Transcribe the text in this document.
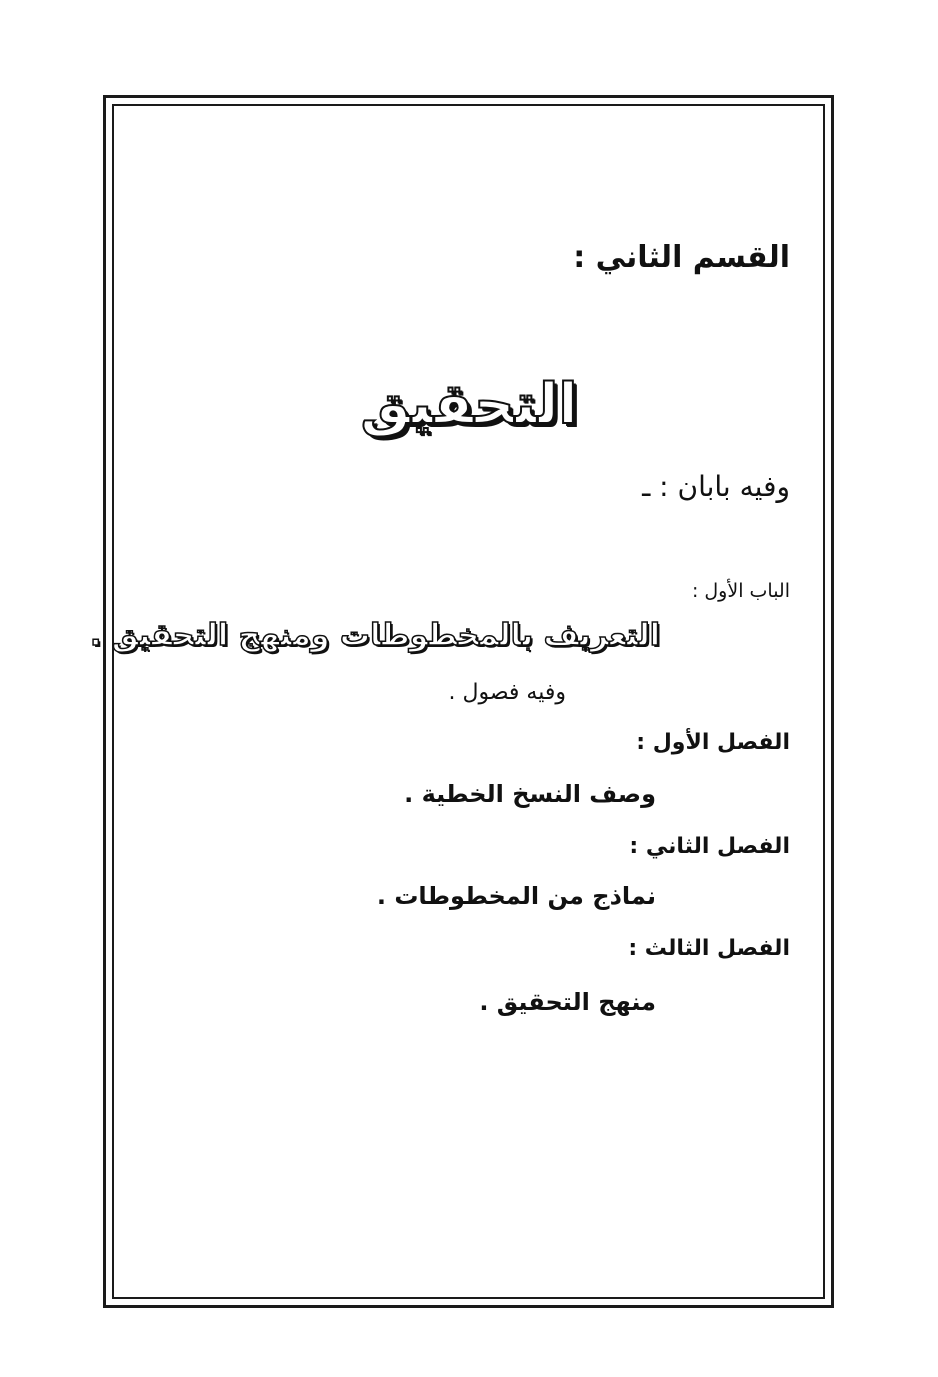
القسم الثاني :
التحقيق
وفيه بابان : ـ
الباب الأول :
التعريف بالمخطوطات ومنهج التحقيق .
وفيه فصول .
الفصل الأول :
وصف النسخ الخطية .
الفصل الثاني :
نماذج من المخطوطات .
الفصل الثالث :
منهج التحقيق .
